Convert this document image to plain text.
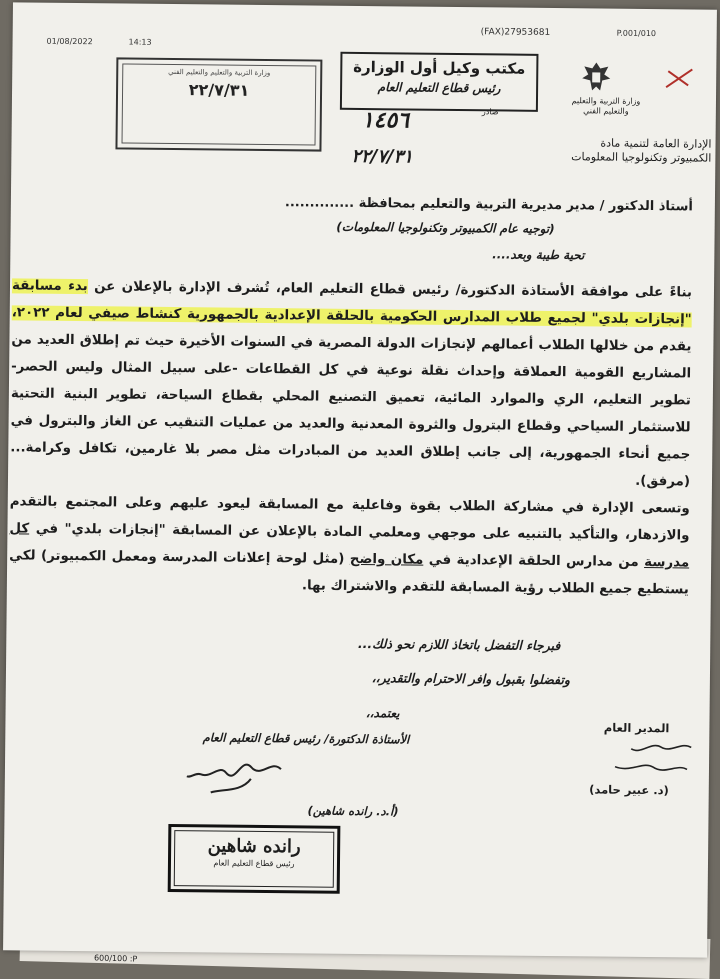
(FAX)27953681	P.001/010
01/08/2022	14:13
وزارة التربية والتعليم والتعليم الفني
٢٢/٧/٣١
مكتب وكيل أول الوزارة
رئيس قطاع التعليم العام
١٤٥٦	صادر
٢٢/٧/٣١
وزارة التربية والتعليم والتعليم الفني
الإدارة العامة لتنمية مادة
الكمبيوتر وتكنولوجيا المعلومات
أستاذ الدكتور / مدير مديرية التربية والتعليم بمحافظة ..............
(توجيه عام الكمبيوتر وتكنولوجيا المعلومات)
تحية طيبة وبعد....
بناءً على موافقة الأستاذة الدكتورة/ رئيس قطاع التعليم العام، تُشرف الإدارة بالإعلان عن بدء مسابقة "إنجازات بلدي" لجميع طلاب المدارس الحكومية بالحلقة الإعدادية بالجمهورية كنشاط صيفي لعام ٢٠٢٢، يقدم من خلالها الطلاب أعمالهم لإنجازات الدولة المصرية في السنوات الأخيرة حيث تم إطلاق العديد من المشاريع القومية العملاقة وإحداث نقلة نوعية في كل القطاعات -على سبيل المثال وليس الحصر- تطوير التعليم، الري والموارد المائية، تعميق التصنيع المحلي بقطاع السياحة، تطوير البنية التحتية للاستثمار السياحي وقطاع البترول والثروة المعدنية والعديد من عمليات التنقيب عن الغاز والبترول في جميع أنحاء الجمهورية، إلى جانب إطلاق العديد من المبادرات مثل مصر بلا غارمين، تكافل وكرامة... (مرفق).
وتسعى الإدارة في مشاركة الطلاب بقوة وفاعلية مع المسابقة ليعود عليهم وعلى المجتمع بالتقدم والازدهار، والتأكيد بالتنبيه على موجهي ومعلمي المادة بالإعلان عن المسابقة "إنجازات بلدي" في كل مدرسة من مدارس الحلقة الإعدادية في مكان واضح (مثل لوحة إعلانات المدرسة ومعمل الكمبيوتر) لكي يستطيع جميع الطلاب رؤية المسابقة للتقدم والاشتراك بها.
فبرجاء التفضل باتخاذ اللازم نحو ذلك...
وتفضلوا بقبول وافر الاحترام والتقدير،،
يعتمد،،
الأستاذة الدكتورة/ رئيس قطاع التعليم العام
(أ.د. رانده شاهين)
المدير العام
(د. عبير حامد)
رانده شاهين
رئيس قطاع التعليم العام
600/100 :P
